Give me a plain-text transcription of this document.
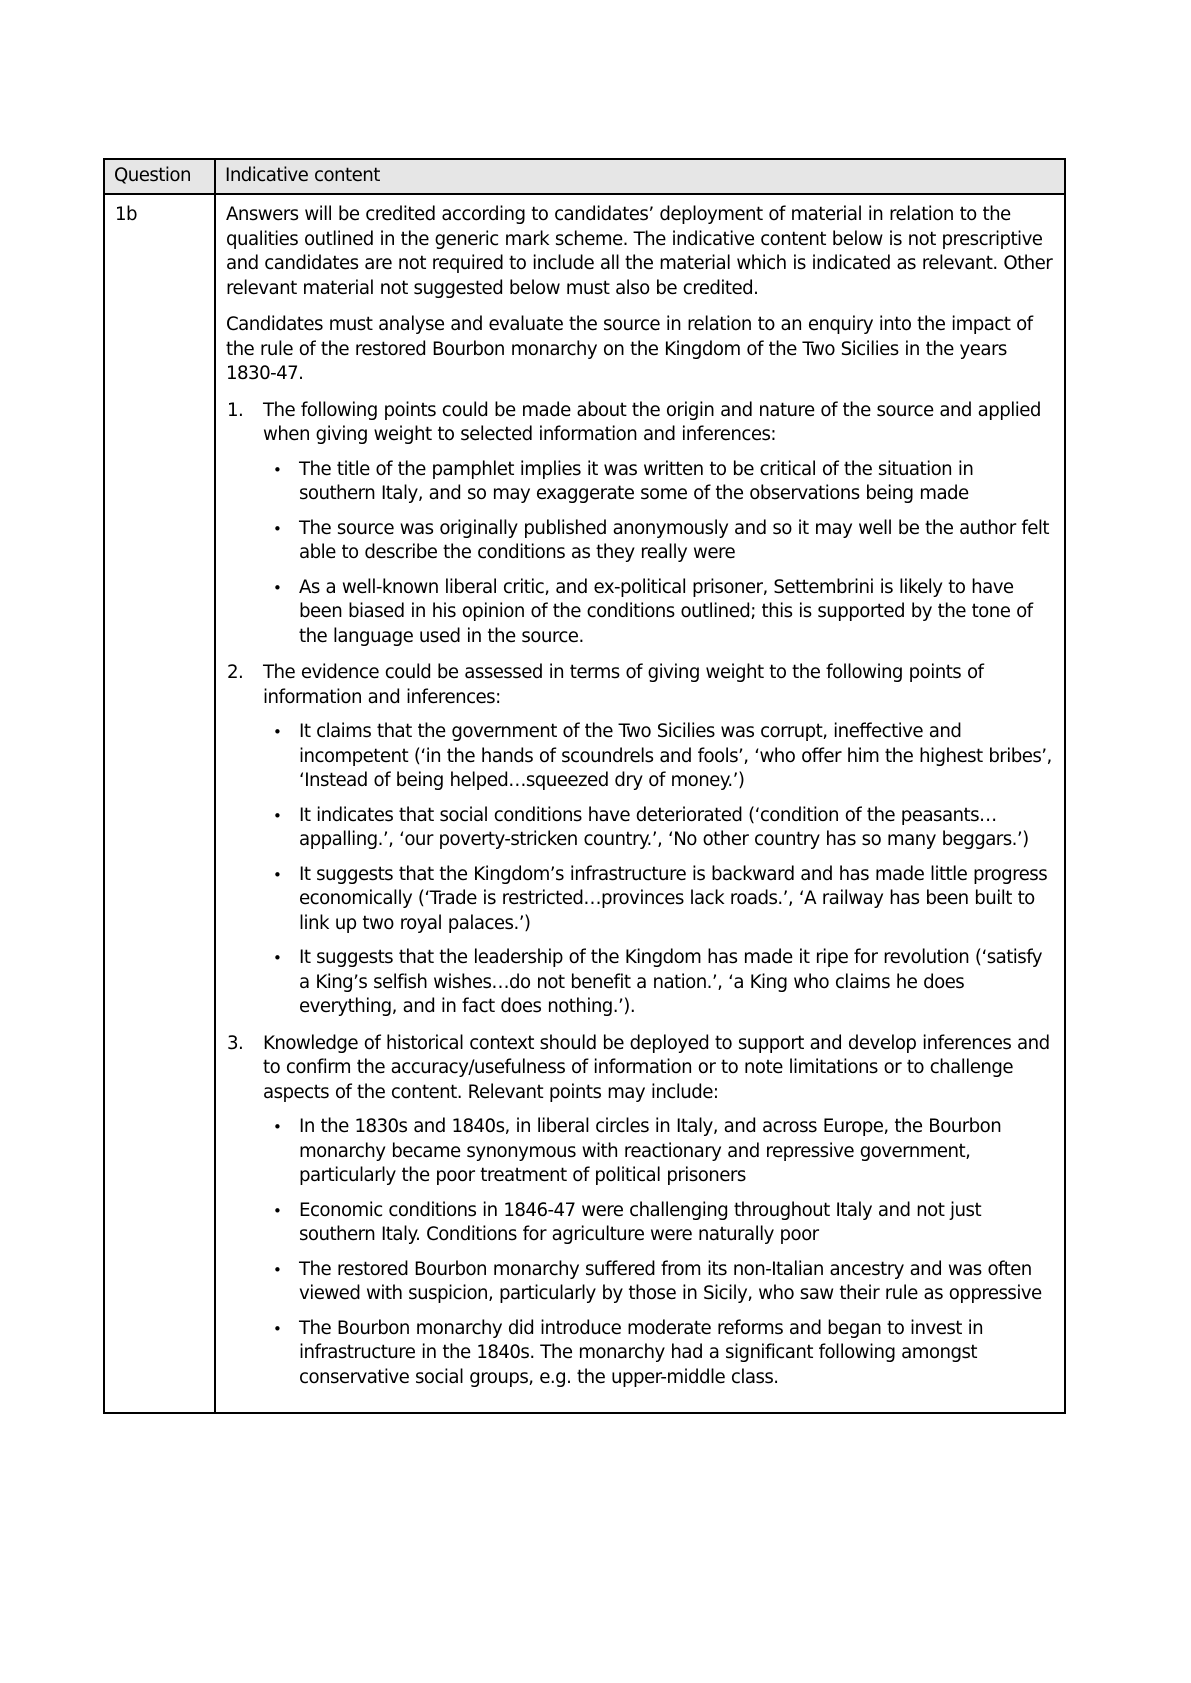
Question	Indicative content
1b	Answers will be credited according to candidates’ deployment of material in relation to the qualities outlined in the generic mark scheme. The indicative content below is not prescriptive and candidates are not required to include all the material which is indicated as relevant. Other relevant material not suggested below must also be credited.

Candidates must analyse and evaluate the source in relation to an enquiry into the impact of the rule of the restored Bourbon monarchy on the Kingdom of the Two Sicilies in the years 1830-47.

1. The following points could be made about the origin and nature of the source and applied when giving weight to selected information and inferences:
• The title of the pamphlet implies it was written to be critical of the situation in southern Italy, and so may exaggerate some of the observations being made
• The source was originally published anonymously and so it may well be the author felt able to describe the conditions as they really were
• As a well-known liberal critic, and ex-political prisoner, Settembrini is likely to have been biased in his opinion of the conditions outlined; this is supported by the tone of the language used in the source.
2. The evidence could be assessed in terms of giving weight to the following points of information and inferences:
• It claims that the government of the Two Sicilies was corrupt, ineffective and incompetent (‘in the hands of scoundrels and fools’, ‘who offer him the highest bribes’, ‘Instead of being helped…squeezed dry of money.’)
• It indicates that social conditions have deteriorated (‘condition of the peasants…appalling.’, ‘our poverty-stricken country.’, ‘No other country has so many beggars.’)
• It suggests that the Kingdom’s infrastructure is backward and has made little progress economically (‘Trade is restricted…provinces lack roads.’, ‘A railway has been built to link up two royal palaces.’)
• It suggests that the leadership of the Kingdom has made it ripe for revolution (‘satisfy a King’s selfish wishes…do not benefit a nation.’, ‘a King who claims he does everything, and in fact does nothing.’).
3. Knowledge of historical context should be deployed to support and develop inferences and to confirm the accuracy/usefulness of information or to note limitations or to challenge aspects of the content. Relevant points may include:
• In the 1830s and 1840s, in liberal circles in Italy, and across Europe, the Bourbon monarchy became synonymous with reactionary and repressive government, particularly the poor treatment of political prisoners
• Economic conditions in 1846-47 were challenging throughout Italy and not just southern Italy. Conditions for agriculture were naturally poor
• The restored Bourbon monarchy suffered from its non-Italian ancestry and was often viewed with suspicion, particularly by those in Sicily, who saw their rule as oppressive
• The Bourbon monarchy did introduce moderate reforms and began to invest in infrastructure in the 1840s. The monarchy had a significant following amongst conservative social groups, e.g. the upper-middle class.
